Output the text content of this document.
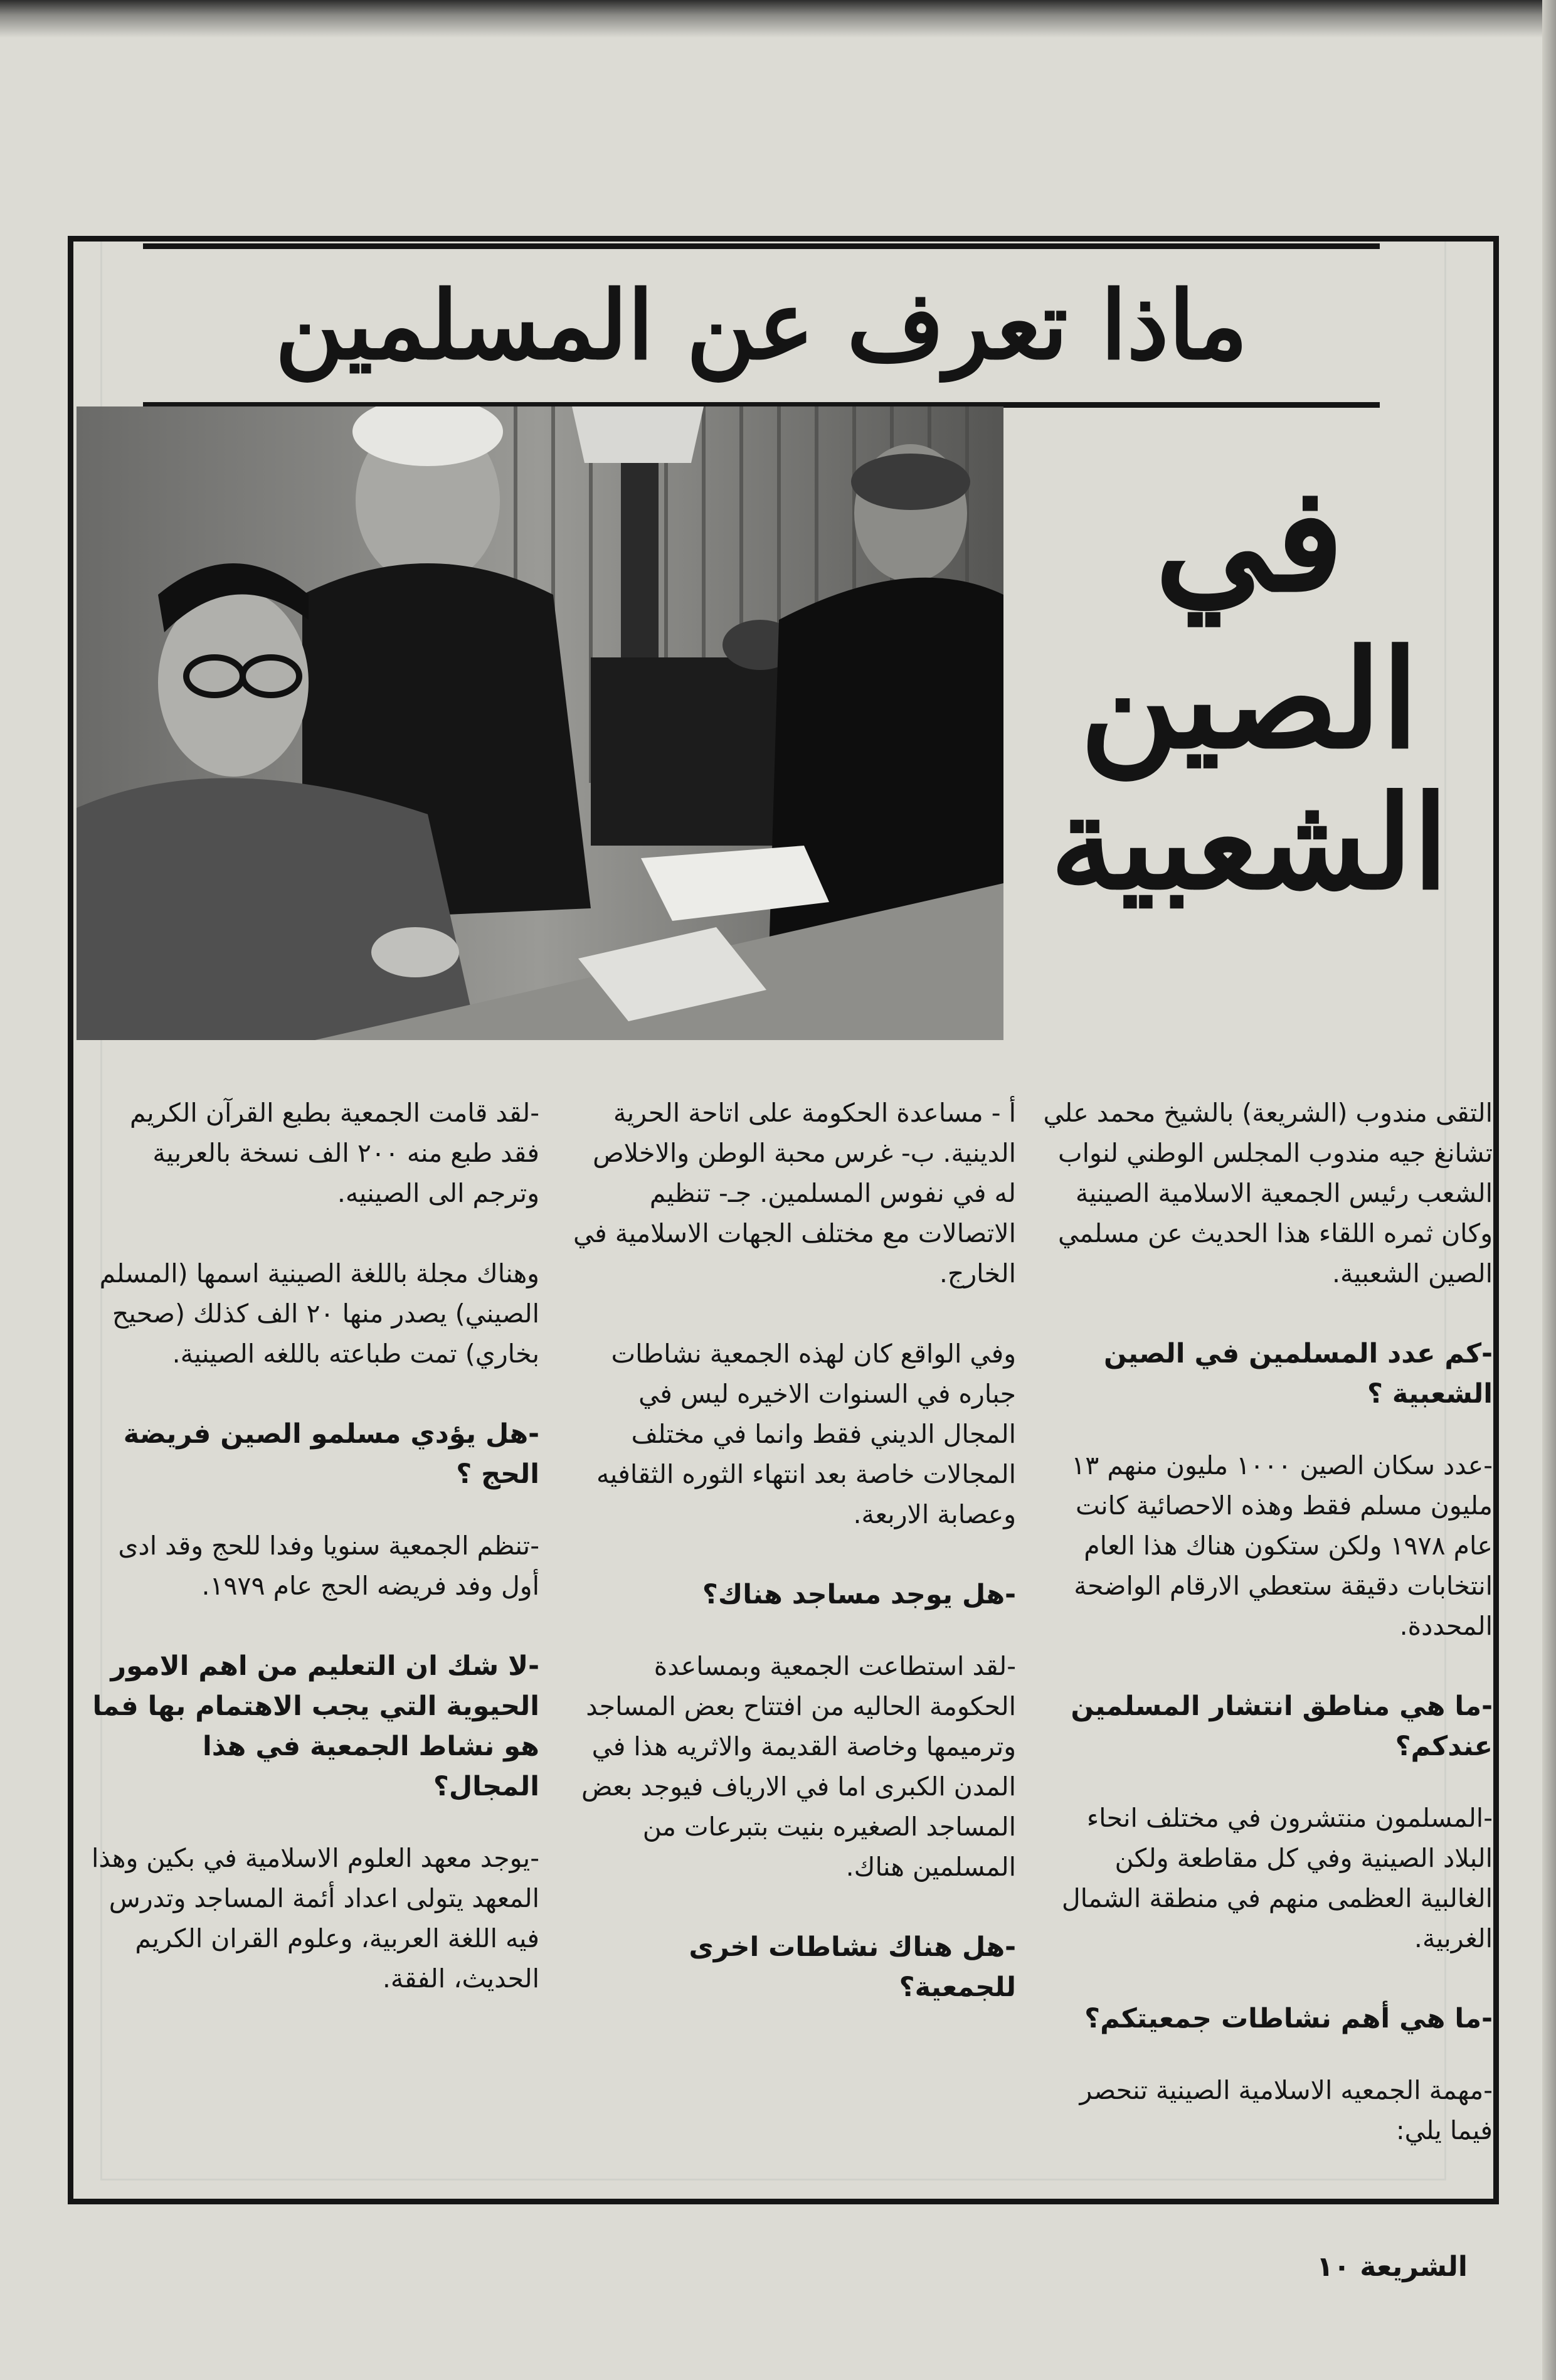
ماذا تعرف عن المسلمين
في
الصين
الشعبية

التقى مندوب (الشريعة) بالشيخ محمد علي تشانغ جيه مندوب المجلس الوطني لنواب الشعب رئيس الجمعية الاسلامية الصينية وكان ثمره اللقاء هذا الحديث عن مسلمي الصين الشعبية.

-كم عدد المسلمين في الصين الشعبية ؟

-عدد سكان الصين ١٠٠٠ مليون منهم ١٣ مليون مسلم فقط وهذه الاحصائية كانت عام ١٩٧٨ ولكن ستكون هناك هذا العام انتخابات دقيقة ستعطي الارقام الواضحة المحددة.

-ما هي مناطق انتشار المسلمين عندكم؟

-المسلمون منتشرون في مختلف انحاء البلاد الصينية وفي كل مقاطعة ولكن الغالبية العظمى منهم في منطقة الشمال الغربية.

-ما هي أهم نشاطات جمعيتكم؟

-مهمة الجمعيه الاسلامية الصينية تنحصر فيما يلي:

أ - مساعدة الحكومة على اتاحة الحرية الدينية. ب- غرس محبة الوطن والاخلاص له في نفوس المسلمين. جـ- تنظيم الاتصالات مع مختلف الجهات الاسلامية في الخارج.

وفي الواقع كان لهذه الجمعية نشاطات جباره في السنوات الاخيره ليس في المجال الديني فقط وانما في مختلف المجالات خاصة بعد انتهاء الثوره الثقافيه وعصابة الاربعة.

-هل يوجد مساجد هناك؟

-لقد استطاعت الجمعية وبمساعدة الحكومة الحاليه من افتتاح بعض المساجد وترميمها وخاصة القديمة والاثريه هذا في المدن الكبرى اما في الارياف فيوجد بعض المساجد الصغيره بنيت بتبرعات من المسلمين هناك.

-هل هناك نشاطات اخرى للجمعية؟

-لقد قامت الجمعية بطبع القرآن الكريم فقد طبع منه ٢٠٠ الف نسخة بالعربية وترجم الى الصينيه.

وهناك مجلة باللغة الصينية اسمها (المسلم الصيني) يصدر منها ٢٠ الف كذلك (صحيح بخاري) تمت طباعته باللغه الصينية.

-هل يؤدي مسلمو الصين فريضة الحج ؟

-تنظم الجمعية سنويا وفدا للحج وقد ادى أول وفد فريضه الحج عام ١٩٧٩.

-لا شك ان التعليم من اهم الامور الحيوية التي يجب الاهتمام بها فما هو نشاط الجمعية في هذا المجال؟

-يوجد معهد العلوم الاسلامية في بكين وهذا المعهد يتولى اعداد أئمة المساجد وتدرس فيه اللغة العربية، وعلوم القران الكريم الحديث، الفقة.

الشريعة ١٠
